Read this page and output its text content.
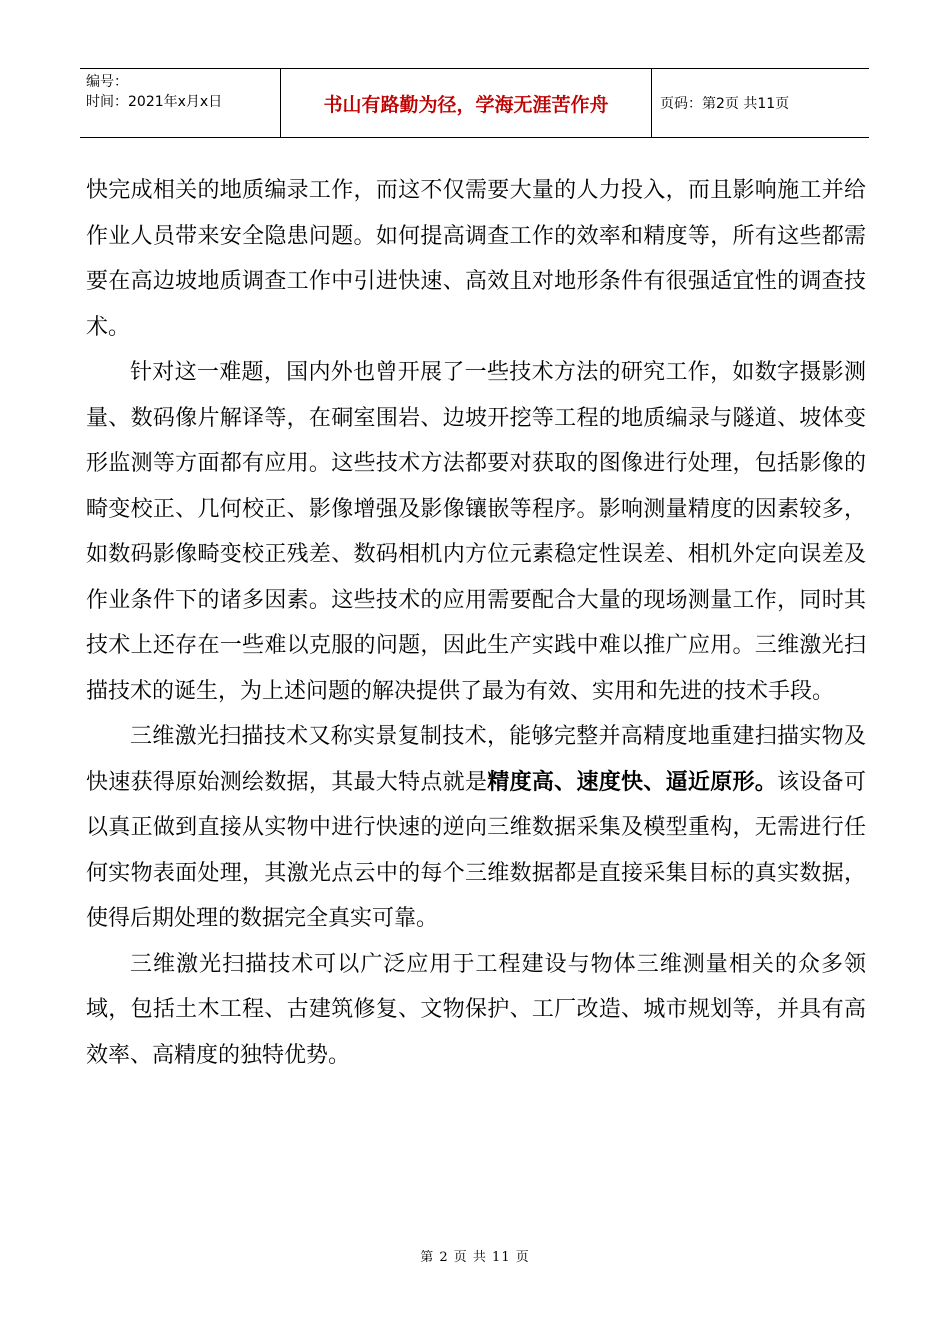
编号：
时间：2021年x月x日	书山有路勤为径，学海无涯苦作舟	页码：第2页 共11页

快完成相关的地质编录工作，而这不仅需要大量的人力投入，而且影响施工并给作业人员带来安全隐患问题。如何提高调查工作的效率和精度等，所有这些都需要在高边坡地质调查工作中引进快速、高效且对地形条件有很强适宜性的调查技术。

针对这一难题，国内外也曾开展了一些技术方法的研究工作，如数字摄影测量、数码像片解译等，在硐室围岩、边坡开挖等工程的地质编录与隧道、坡体变形监测等方面都有应用。这些技术方法都要对获取的图像进行处理，包括影像的畸变校正、几何校正、影像增强及影像镶嵌等程序。影响测量精度的因素较多，如数码影像畸变校正残差、数码相机内方位元素稳定性误差、相机外定向误差及作业条件下的诸多因素。这些技术的应用需要配合大量的现场测量工作，同时其技术上还存在一些难以克服的问题，因此生产实践中难以推广应用。三维激光扫描技术的诞生，为上述问题的解决提供了最为有效、实用和先进的技术手段。

三维激光扫描技术又称实景复制技术，能够完整并高精度地重建扫描实物及快速获得原始测绘数据，其最大特点就是精度高、速度快、逼近原形。该设备可以真正做到直接从实物中进行快速的逆向三维数据采集及模型重构，无需进行任何实物表面处理，其激光点云中的每个三维数据都是直接采集目标的真实数据，使得后期处理的数据完全真实可靠。

三维激光扫描技术可以广泛应用于工程建设与物体三维测量相关的众多领域，包括土木工程、古建筑修复、文物保护、工厂改造、城市规划等，并具有高效率、高精度的独特优势。

第 2 页 共 11 页
